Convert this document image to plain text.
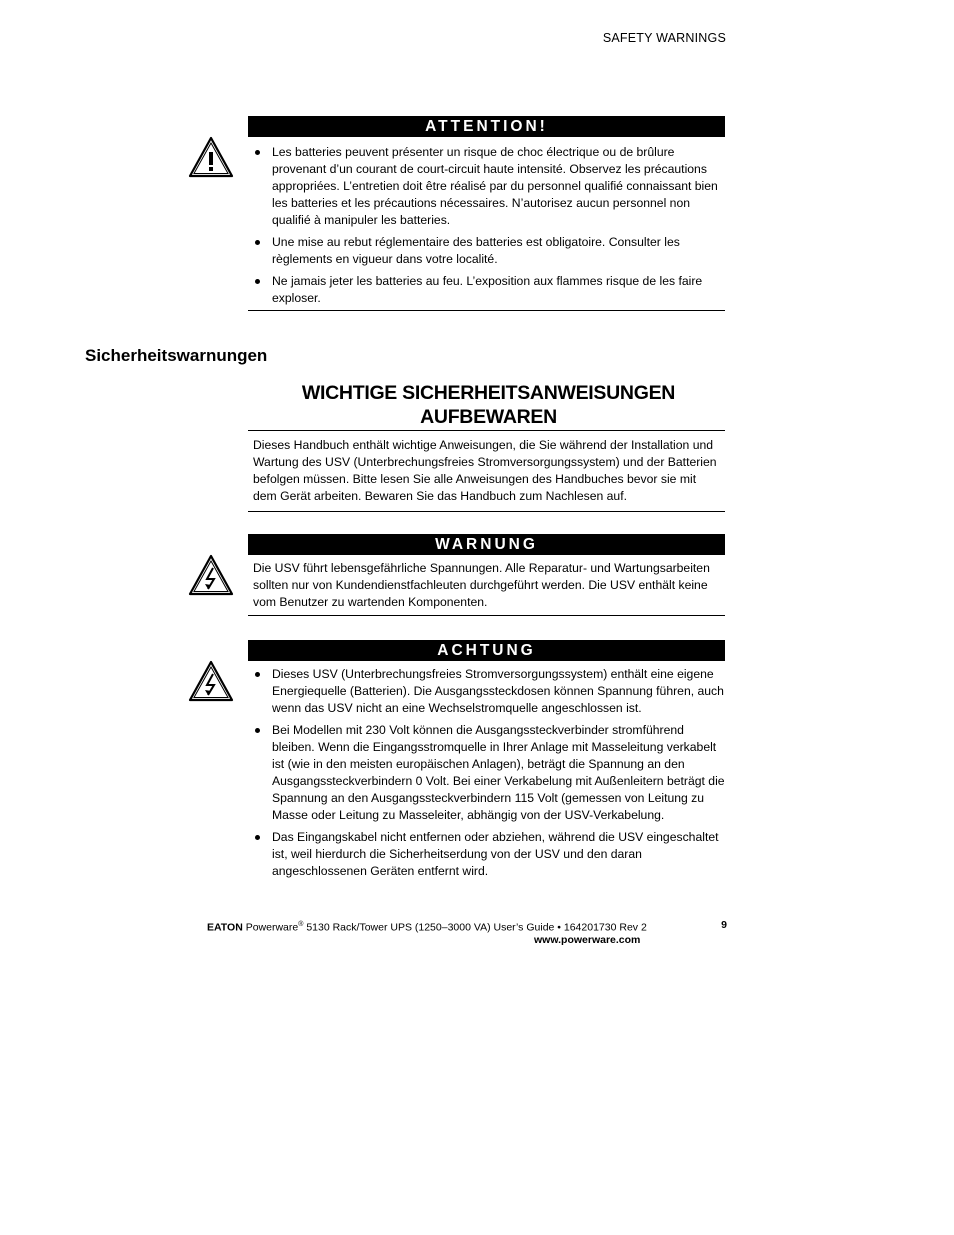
SAFETY WARNINGS
ATTENTION!
Les batteries peuvent présenter un risque de choc électrique ou de brûlure provenant d’un courant de court-circuit haute intensité. Observez les précautions appropriées. L’entretien doit être réalisé par du personnel qualifié connaissant bien les batteries et les précautions nécessaires. N’autorisez aucun personnel non qualifié à manipuler les batteries.
Une mise au rebut réglementaire des batteries est obligatoire. Consulter les règlements en vigueur dans votre localité.
Ne jamais jeter les batteries au feu. L’exposition aux flammes risque de les faire exploser.
Sicherheitswarnungen
WICHTIGE SICHERHEITSANWEISUNGEN
AUFBEWAREN
Dieses Handbuch enthält wichtige Anweisungen, die Sie während der Installation und Wartung des USV (Unterbrechungsfreies Stromversorgungssystem) und der Batterien befolgen müssen. Bitte lesen Sie alle Anweisungen des Handbuches bevor sie mit dem Gerät arbeiten. Bewaren Sie das Handbuch zum Nachlesen auf.
WARNUNG
Die USV führt lebensgefährliche Spannungen. Alle Reparatur- und Wartungsarbeiten sollten nur von Kundendienstfachleuten durchgeführt werden. Die USV enthält keine vom Benutzer zu wartenden Komponenten.
ACHTUNG
Dieses USV (Unterbrechungsfreies Stromversorgungssystem) enthält eine eigene Energiequelle (Batterien). Die Ausgangssteckdosen können Spannung führen, auch wenn das USV nicht an eine Wechselstromquelle angeschlossen ist.
Bei Modellen mit 230 Volt können die Ausgangssteckverbinder stromführend bleiben. Wenn die Eingangsstromquelle in Ihrer Anlage mit Masseleitung verkabelt ist (wie in den meisten europäischen Anlagen), beträgt die Spannung an den Ausgangssteckverbindern 0 Volt. Bei einer Verkabelung mit Außenleitern beträgt die Spannung an den Ausgangssteckverbindern 115 Volt (gemessen von Leitung zu Masse oder Leitung zu Masseleiter, abhängig von der USV-Verkabelung.
Das Eingangskabel nicht entfernen oder abziehen, während die USV eingeschaltet ist, weil hierdurch die Sicherheitserdung von der USV und den daran angeschlossenen Geräten entfernt wird.
EATON Powerware® 5130 Rack/Tower UPS (1250–3000 VA) User’s Guide • 164201730 Rev 2	9
www.powerware.com
